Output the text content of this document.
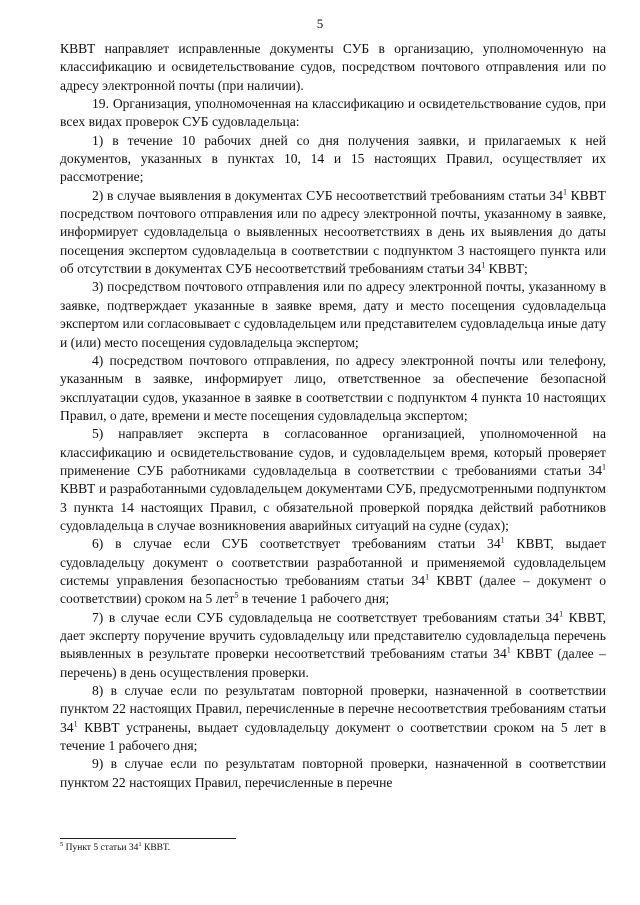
5

КВВТ направляет исправленные документы СУБ в организацию, уполномоченную на классификацию и освидетельствование судов, посредством почтового отправления или по адресу электронной почты (при наличии).

19. Организация, уполномоченная на классификацию и освидетельствование судов, при всех видах проверок СУБ судовладельца:

1) в течение 10 рабочих дней со дня получения заявки, и прилагаемых к ней документов, указанных в пунктах 10, 14 и 15 настоящих Правил, осуществляет их рассмотрение;

2) в случае выявления в документах СУБ несоответствий требованиям статьи $34^1$ КВВТ посредством почтового отправления или по адресу электронной почты, указанному в заявке, информирует судовладельца о выявленных несоответствиях в день их выявления до даты посещения экспертом судовладельца в соответствии с подпунктом 3 настоящего пункта или об отсутствии в документах СУБ несоответствий требованиям статьи $34^1$ КВВТ;

3) посредством почтового отправления или по адресу электронной почты, указанному в заявке, подтверждает указанные в заявке время, дату и место посещения судовладельца экспертом или согласовывает с судовладельцем или представителем судовладельца иные дату и (или) место посещения судовладельца экспертом;

4) посредством почтового отправления, по адресу электронной почты или телефону, указанным в заявке, информирует лицо, ответственное за обеспечение безопасной эксплуатации судов, указанное в заявке в соответствии с подпунктом 4 пункта 10 настоящих Правил, о дате, времени и месте посещения судовладельца экспертом;

5) направляет эксперта в согласованное организацией, уполномоченной на классификацию и освидетельствование судов, и судовладельцем время, который проверяет применение СУБ работниками судовладельца в соответствии с требованиями статьи $34^1$ КВВТ и разработанными судовладельцем документами СУБ, предусмотренными подпунктом 3 пункта 14 настоящих Правил, с обязательной проверкой порядка действий работников судовладельца в случае возникновения аварийных ситуаций на судне (судах);

6) в случае если СУБ соответствует требованиям статьи $34^1$ КВВТ, выдает судовладельцу документ о соответствии разработанной и применяемой судовладельцем системы управления безопасностью требованиям статьи $34^1$ КВВТ (далее – документ о соответствии) сроком на 5 лет$^5$ в течение 1 рабочего дня;

7) в случае если СУБ судовладельца не соответствует требованиям статьи $34^1$ КВВТ, дает эксперту поручение вручить судовладельцу или представителю судовладельца перечень выявленных в результате проверки несоответствий требованиям статьи $34^1$ КВВТ (далее – перечень) в день осуществления проверки.

8) в случае если по результатам повторной проверки, назначенной в соответствии пунктом 22 настоящих Правил, перечисленные в перечне несоответствия требованиям статьи $34^1$ КВВТ устранены, выдает судовладельцу документ о соответствии сроком на 5 лет в течение 1 рабочего дня;

9) в случае если по результатам повторной проверки, назначенной в соответствии пунктом 22 настоящих Правил, перечисленные в перечне

$^5$ Пункт 5 статьи $34^1$ КВВТ.
